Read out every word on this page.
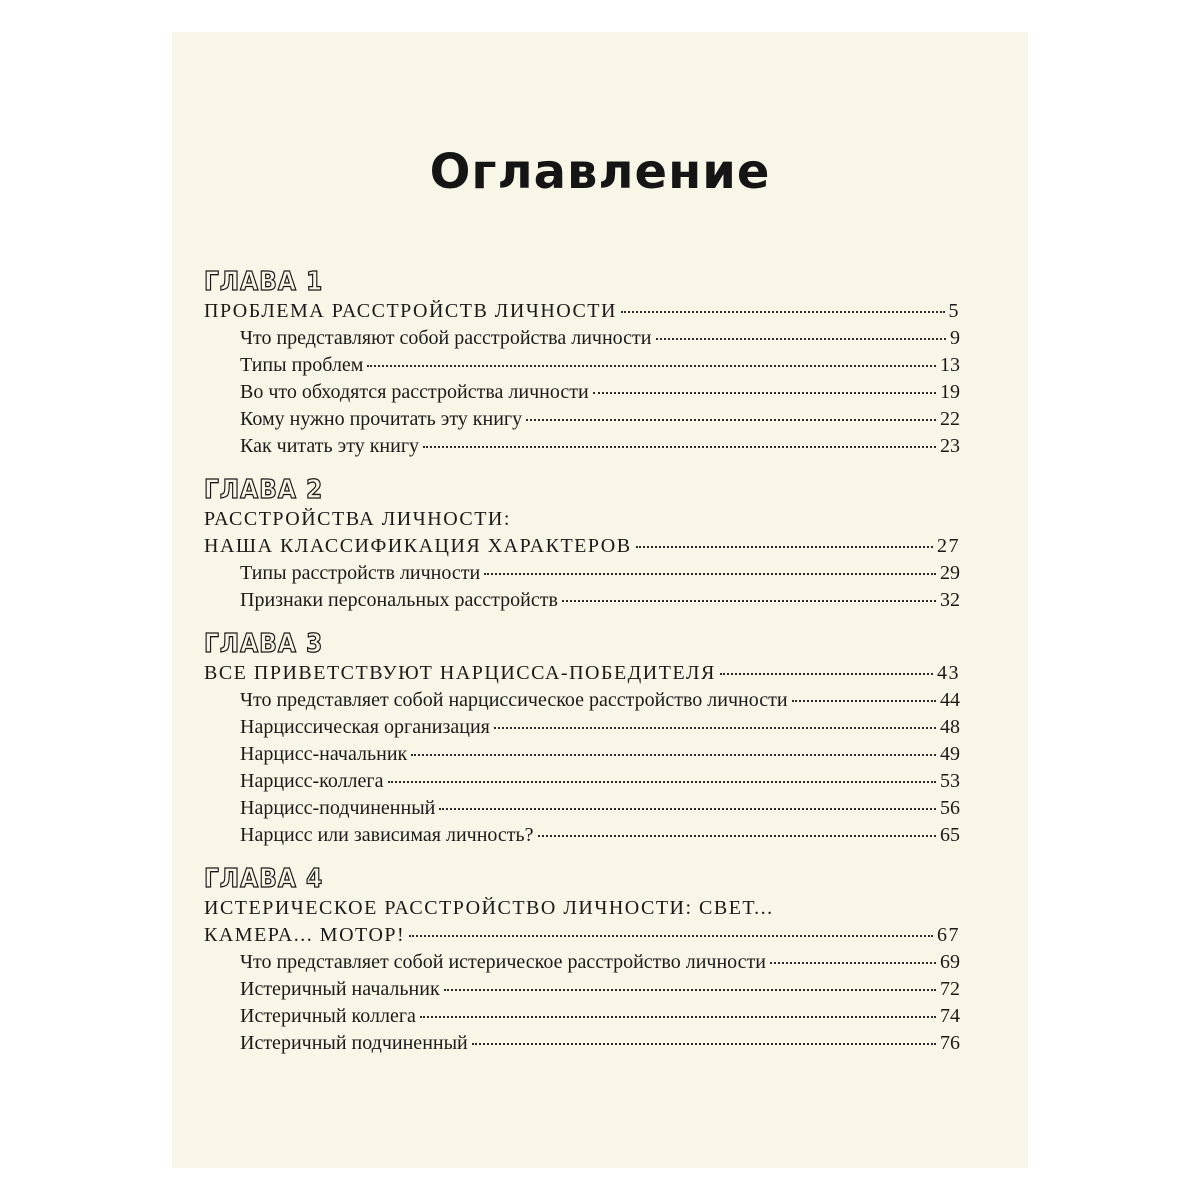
Оглавление
ГЛАВА 1
ПРОБЛЕМА РАССТРОЙСТВ ЛИЧНОСТИ	5
Что представляют собой расстройства личности	9
Типы проблем	13
Во что обходятся расстройства личности	19
Кому нужно прочитать эту книгу	22
Как читать эту книгу	23
ГЛАВА 2
РАССТРОЙСТВА ЛИЧНОСТИ:
НАША КЛАССИФИКАЦИЯ ХАРАКТЕРОВ	27
Типы расстройств личности	29
Признаки персональных расстройств	32
ГЛАВА 3
ВСЕ ПРИВЕТСТВУЮТ НАРЦИССА-ПОБЕДИТЕЛЯ	43
Что представляет собой нарциссическое расстройство личности	44
Нарциссическая организация	48
Нарцисс-начальник	49
Нарцисс-коллега	53
Нарцисс-подчиненный	56
Нарцисс или зависимая личность?	65
ГЛАВА 4
ИСТЕРИЧЕСКОЕ РАССТРОЙСТВО ЛИЧНОСТИ: СВЕТ...
КАМЕРА... МОТОР!	67
Что представляет собой истерическое расстройство личности	69
Истеричный начальник	72
Истеричный коллега	74
Истеричный подчиненный	76
